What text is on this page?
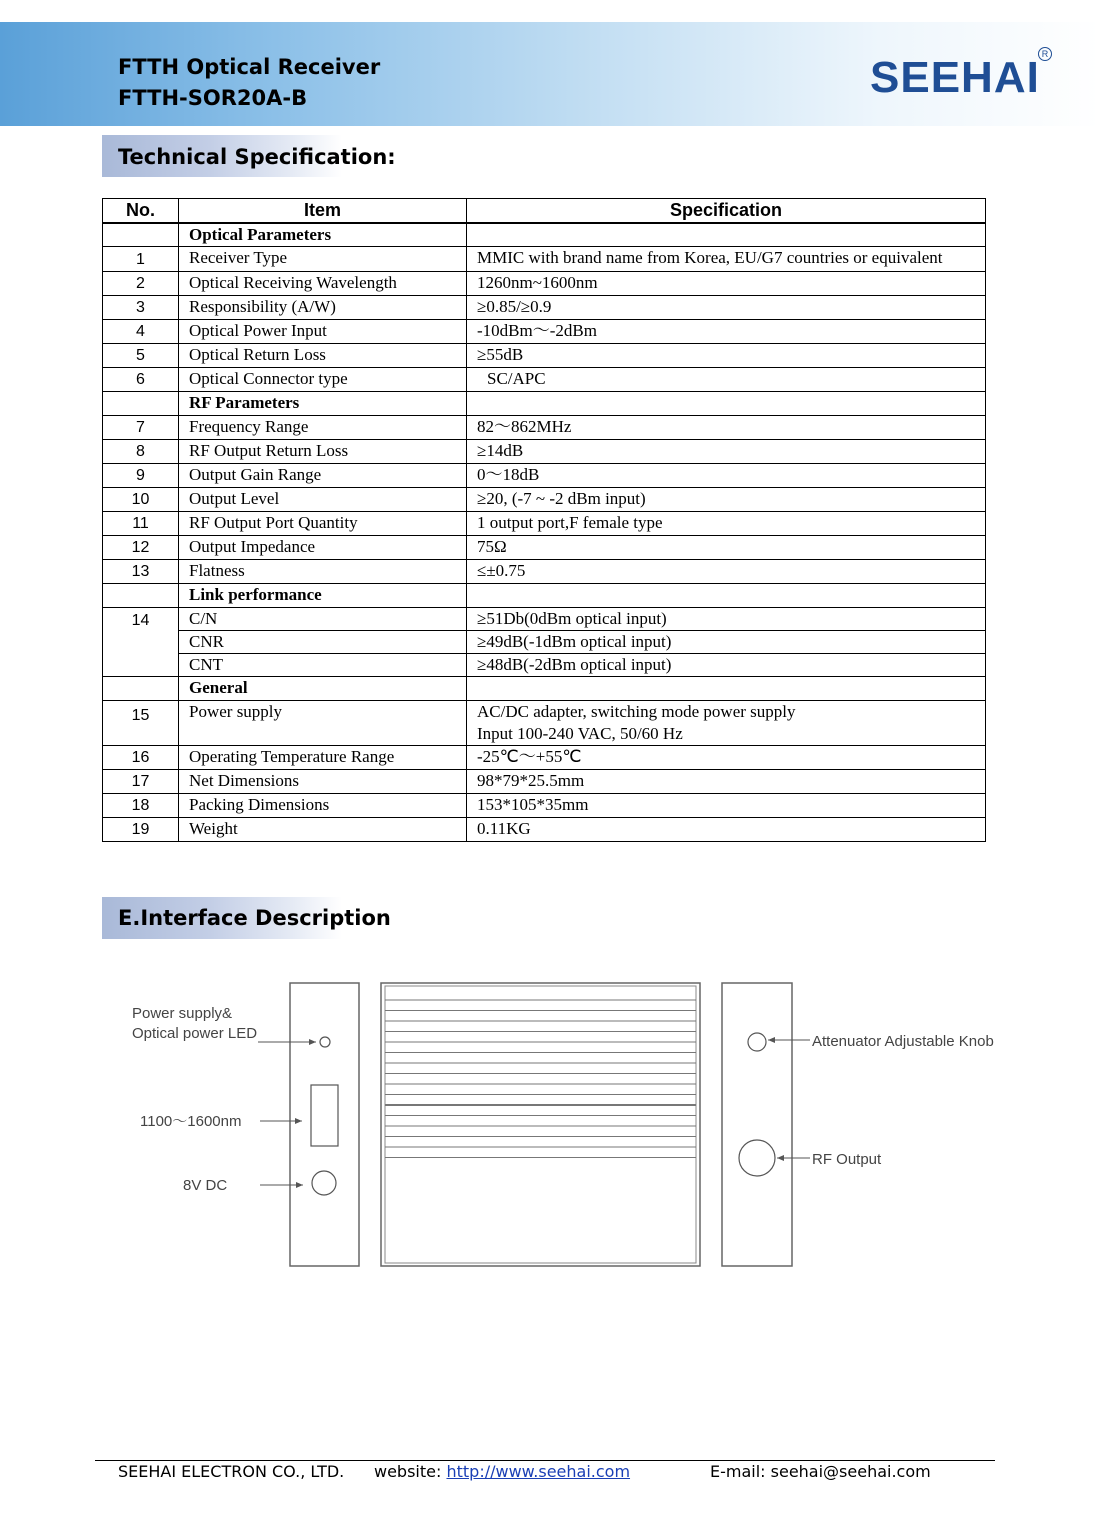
FTTH Optical Receiver
FTTH-SOR20A-B	SEEHAI R
Technical Specification:
No.	Item	Specification
	Optical Parameters	
1	Receiver Type	MMIC with brand name from Korea, EU/G7 countries or equivalent
2	Optical Receiving Wavelength	1260nm~1600nm
3	Responsibility (A/W)	≥0.85/≥0.9
4	Optical Power Input	-10dBm～-2dBm
5	Optical Return Loss	≥55dB
6	Optical Connector type	SC/APC
	RF Parameters	
7	Frequency Range	82～862MHz
8	RF Output Return Loss	≥14dB
9	Output Gain Range	0～18dB
10	Output Level	≥20, (-7 ~ -2 dBm input)
11	RF Output Port Quantity	1 output port,F female type
12	Output Impedance	75Ω
13	Flatness	≤±0.75
	Link performance	
14	C/N	≥51Db(0dBm optical input)
	CNR	≥49dB(-1dBm optical input)
	CNT	≥48dB(-2dBm optical input)
	General	
15	Power supply	AC/DC adapter, switching mode power supply
Input 100-240 VAC, 50/60 Hz

16	Operating Temperature Range	-25℃～+55℃
17	Net Dimensions	98*79*25.5mm
18	Packing Dimensions	153*105*35mm
19	Weight	0.11KG
E.Interface Description
Power supply&
Optical power LED
1100～1600nm
8V DC
Attenuator Adjustable Knob
RF Output
SEEHAI ELECTRON CO., LTD. website: http://www.seehai.com	E-mail: seehai@seehai.com
